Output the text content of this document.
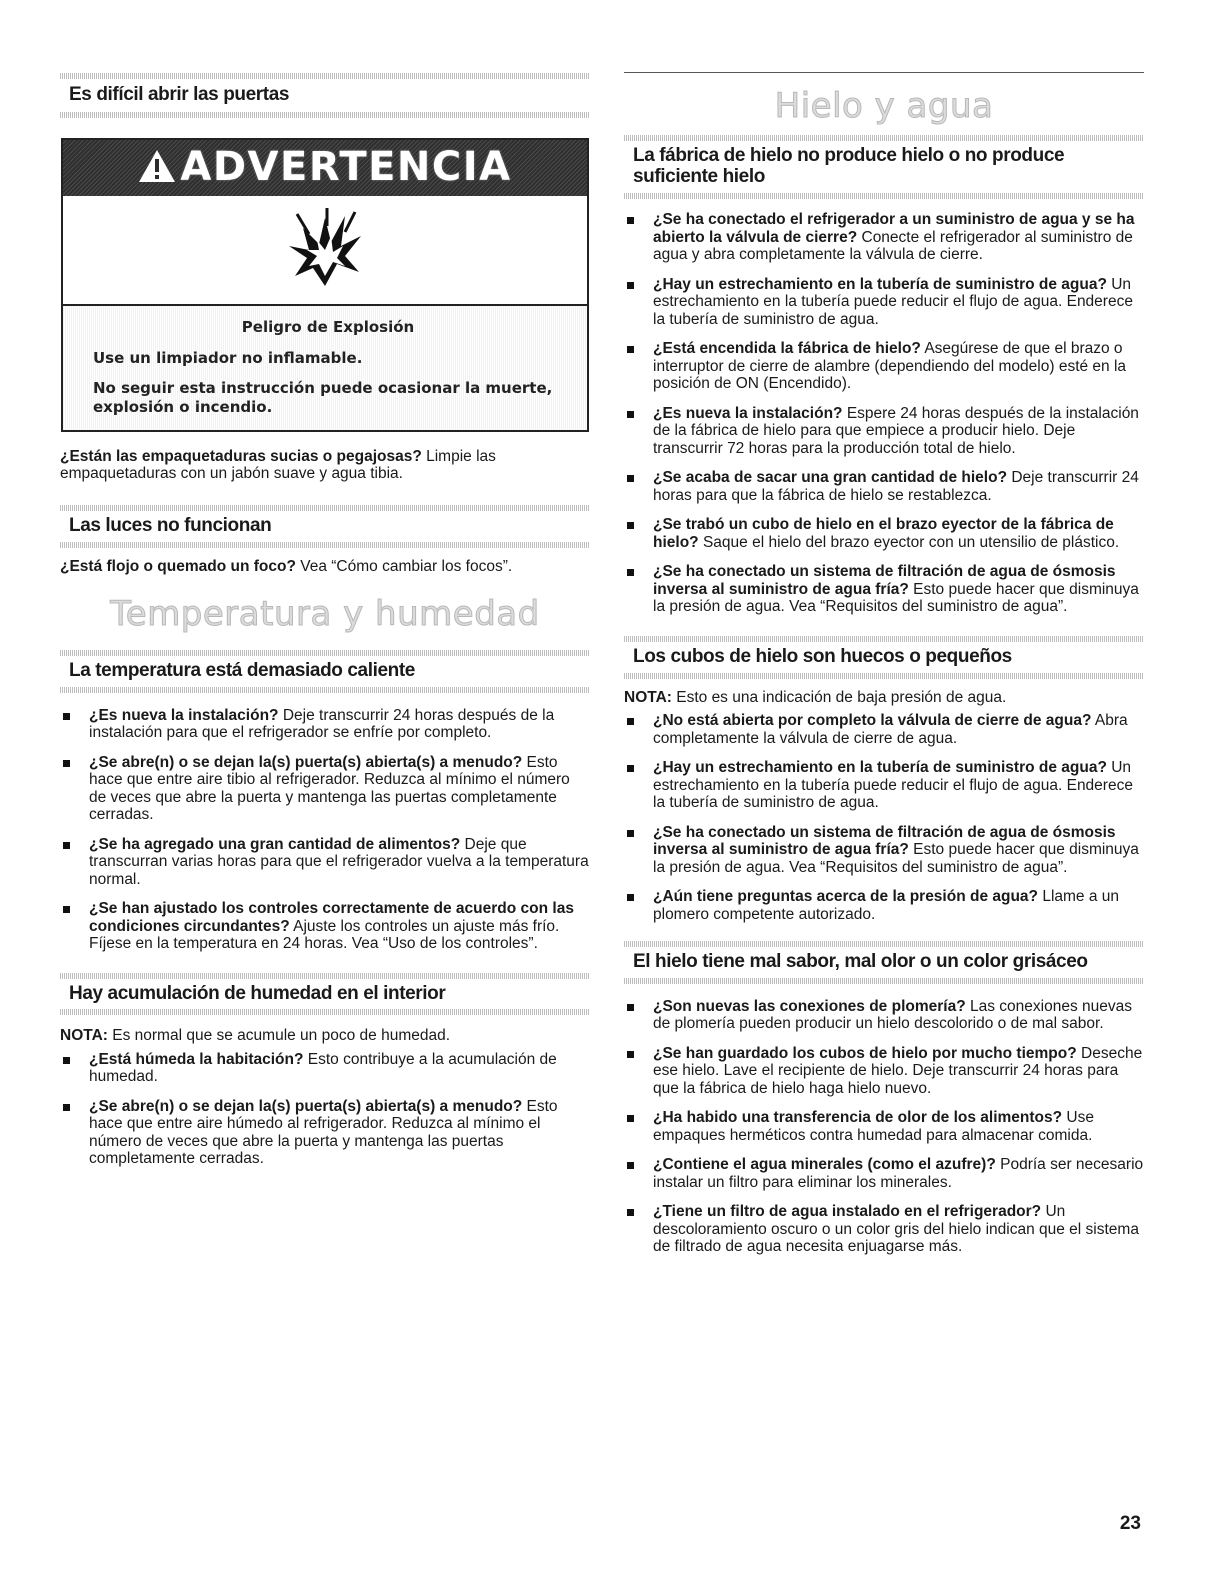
Es difícil abrir las puertas
ADVERTENCIA
Peligro de Explosión
Use un limpiador no inflamable.
No seguir esta instrucción puede ocasionar la muerte, explosión o incendio.

¿Están las empaquetaduras sucias o pegajosas? Limpie las empaquetaduras con un jabón suave y agua tibia.

Las luces no funcionan

¿Está flojo o quemado un foco? Vea “Cómo cambiar los focos”.

Temperatura y humedad
La temperatura está demasiado caliente
¿Es nueva la instalación? Deje transcurrir 24 horas después de la instalación para que el refrigerador se enfríe por completo.
¿Se abre(n) o se dejan la(s) puerta(s) abierta(s) a menudo? Esto hace que entre aire tibio al refrigerador. Reduzca al mínimo el número de veces que abre la puerta y mantenga las puertas completamente cerradas.
¿Se ha agregado una gran cantidad de alimentos? Deje que transcurran varias horas para que el refrigerador vuelva a la temperatura normal.
¿Se han ajustado los controles correctamente de acuerdo con las condiciones circundantes? Ajuste los controles un ajuste más frío. Fíjese en la temperatura en 24 horas. Vea “Uso de los controles”.
Hay acumulación de humedad en el interior

NOTA: Es normal que se acumule un poco de humedad.

¿Está húmeda la habitación? Esto contribuye a la acumulación de humedad.
¿Se abre(n) o se dejan la(s) puerta(s) abierta(s) a menudo? Esto hace que entre aire húmedo al refrigerador. Reduzca al mínimo el número de veces que abre la puerta y mantenga las puertas completamente cerradas.
Hielo y agua
La fábrica de hielo no produce hielo o no produce suficiente hielo
¿Se ha conectado el refrigerador a un suministro de agua y se ha abierto la válvula de cierre? Conecte el refrigerador al suministro de agua y abra completamente la válvula de cierre.
¿Hay un estrechamiento en la tubería de suministro de agua? Un estrechamiento en la tubería puede reducir el flujo de agua. Enderece la tubería de suministro de agua.
¿Está encendida la fábrica de hielo? Asegúrese de que el brazo o interruptor de cierre de alambre (dependiendo del modelo) esté en la posición de ON (Encendido).
¿Es nueva la instalación? Espere 24 horas después de la instalación de la fábrica de hielo para que empiece a producir hielo. Deje transcurrir 72 horas para la producción total de hielo.
¿Se acaba de sacar una gran cantidad de hielo? Deje transcurrir 24 horas para que la fábrica de hielo se restablezca.
¿Se trabó un cubo de hielo en el brazo eyector de la fábrica de hielo? Saque el hielo del brazo eyector con un utensilio de plástico.
¿Se ha conectado un sistema de filtración de agua de ósmosis inversa al suministro de agua fría? Esto puede hacer que disminuya la presión de agua. Vea “Requisitos del suministro de agua”.
Los cubos de hielo son huecos o pequeños

NOTA: Esto es una indicación de baja presión de agua.

¿No está abierta por completo la válvula de cierre de agua? Abra completamente la válvula de cierre de agua.
¿Hay un estrechamiento en la tubería de suministro de agua? Un estrechamiento en la tubería puede reducir el flujo de agua. Enderece la tubería de suministro de agua.
¿Se ha conectado un sistema de filtración de agua de ósmosis inversa al suministro de agua fría? Esto puede hacer que disminuya la presión de agua. Vea “Requisitos del suministro de agua”.
¿Aún tiene preguntas acerca de la presión de agua? Llame a un plomero competente autorizado.
El hielo tiene mal sabor, mal olor o un color grisáceo
¿Son nuevas las conexiones de plomería? Las conexiones nuevas de plomería pueden producir un hielo descolorido o de mal sabor.
¿Se han guardado los cubos de hielo por mucho tiempo? Deseche ese hielo. Lave el recipiente de hielo. Deje transcurrir 24 horas para que la fábrica de hielo haga hielo nuevo.
¿Ha habido una transferencia de olor de los alimentos? Use empaques herméticos contra humedad para almacenar comida.
¿Contiene el agua minerales (como el azufre)? Podría ser necesario instalar un filtro para eliminar los minerales.
¿Tiene un filtro de agua instalado en el refrigerador? Un descoloramiento oscuro o un color gris del hielo indican que el sistema de filtrado de agua necesita enjuagarse más.
23
